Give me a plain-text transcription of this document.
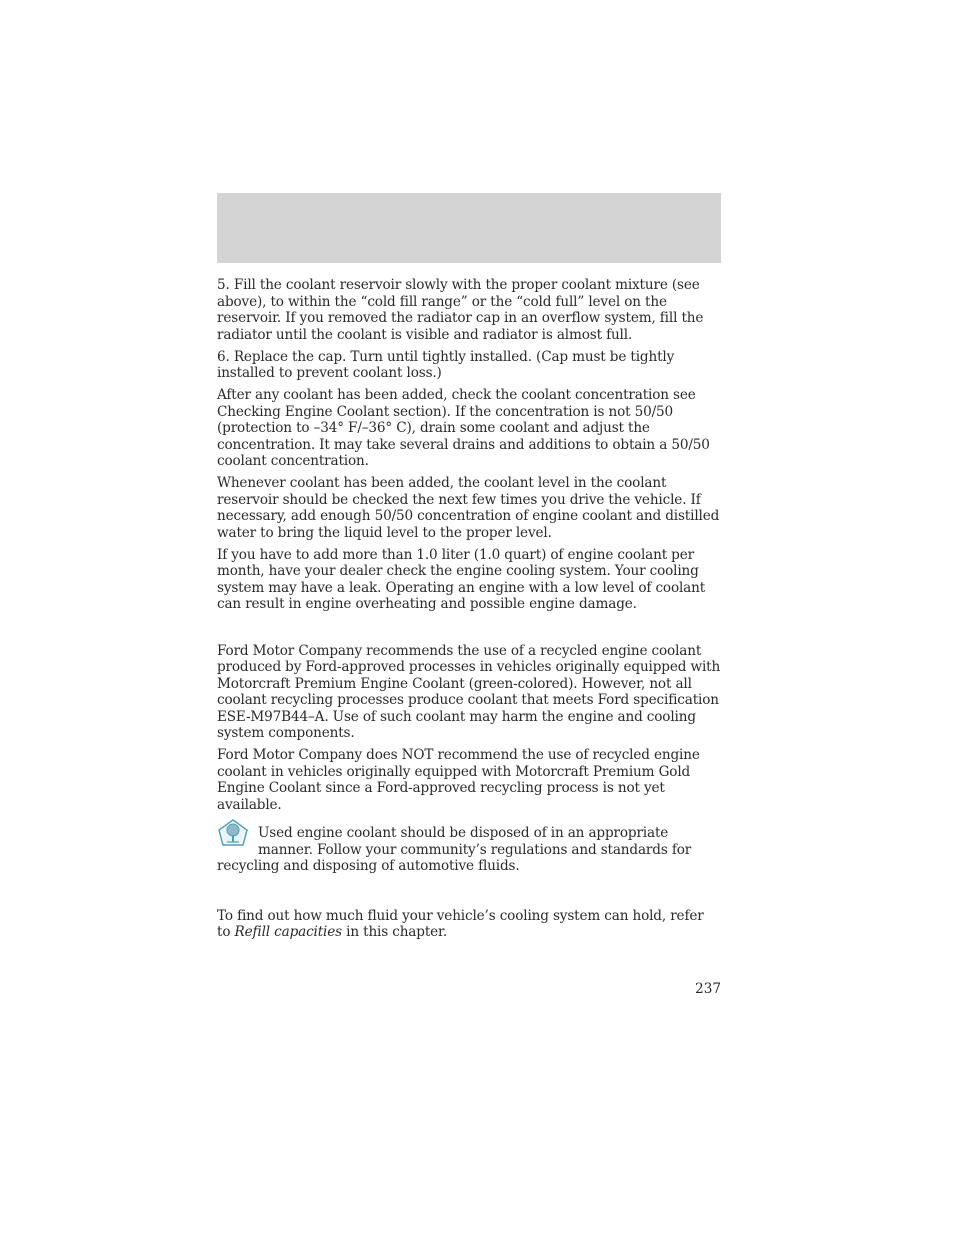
5. Fill the coolant reservoir slowly with the proper coolant mixture (see above), to within the “cold fill range” or the “cold full” level on the reservoir. If you removed the radiator cap in an overflow system, fill the radiator until the coolant is visible and radiator is almost full.

6. Replace the cap. Turn until tightly installed. (Cap must be tightly installed to prevent coolant loss.)

After any coolant has been added, check the coolant concentration see Checking Engine Coolant section). If the concentration is not 50/50 (protection to –34° F/–36° C), drain some coolant and adjust the concentration. It may take several drains and additions to obtain a 50/50 coolant concentration.

Whenever coolant has been added, the coolant level in the coolant reservoir should be checked the next few times you drive the vehicle. If necessary, add enough 50/50 concentration of engine coolant and distilled water to bring the liquid level to the proper level.

If you have to add more than 1.0 liter (1.0 quart) of engine coolant per month, have your dealer check the engine cooling system. Your cooling system may have a leak. Operating an engine with a low level of coolant can result in engine overheating and possible engine damage.

Ford Motor Company recommends the use of a recycled engine coolant produced by Ford-approved processes in vehicles originally equipped with Motorcraft Premium Engine Coolant (green-colored). However, not all coolant recycling processes produce coolant that meets Ford specification ESE-M97B44–A. Use of such coolant may harm the engine and cooling system components.

Ford Motor Company does NOT recommend the use of recycled engine coolant in vehicles originally equipped with Motorcraft Premium Gold Engine Coolant since a Ford-approved recycling process is not yet available.

Used engine coolant should be disposed of in an appropriate manner. Follow your community’s regulations and standards for recycling and disposing of automotive fluids.

To find out how much fluid your vehicle’s cooling system can hold, refer to Refill capacities in this chapter.

237
